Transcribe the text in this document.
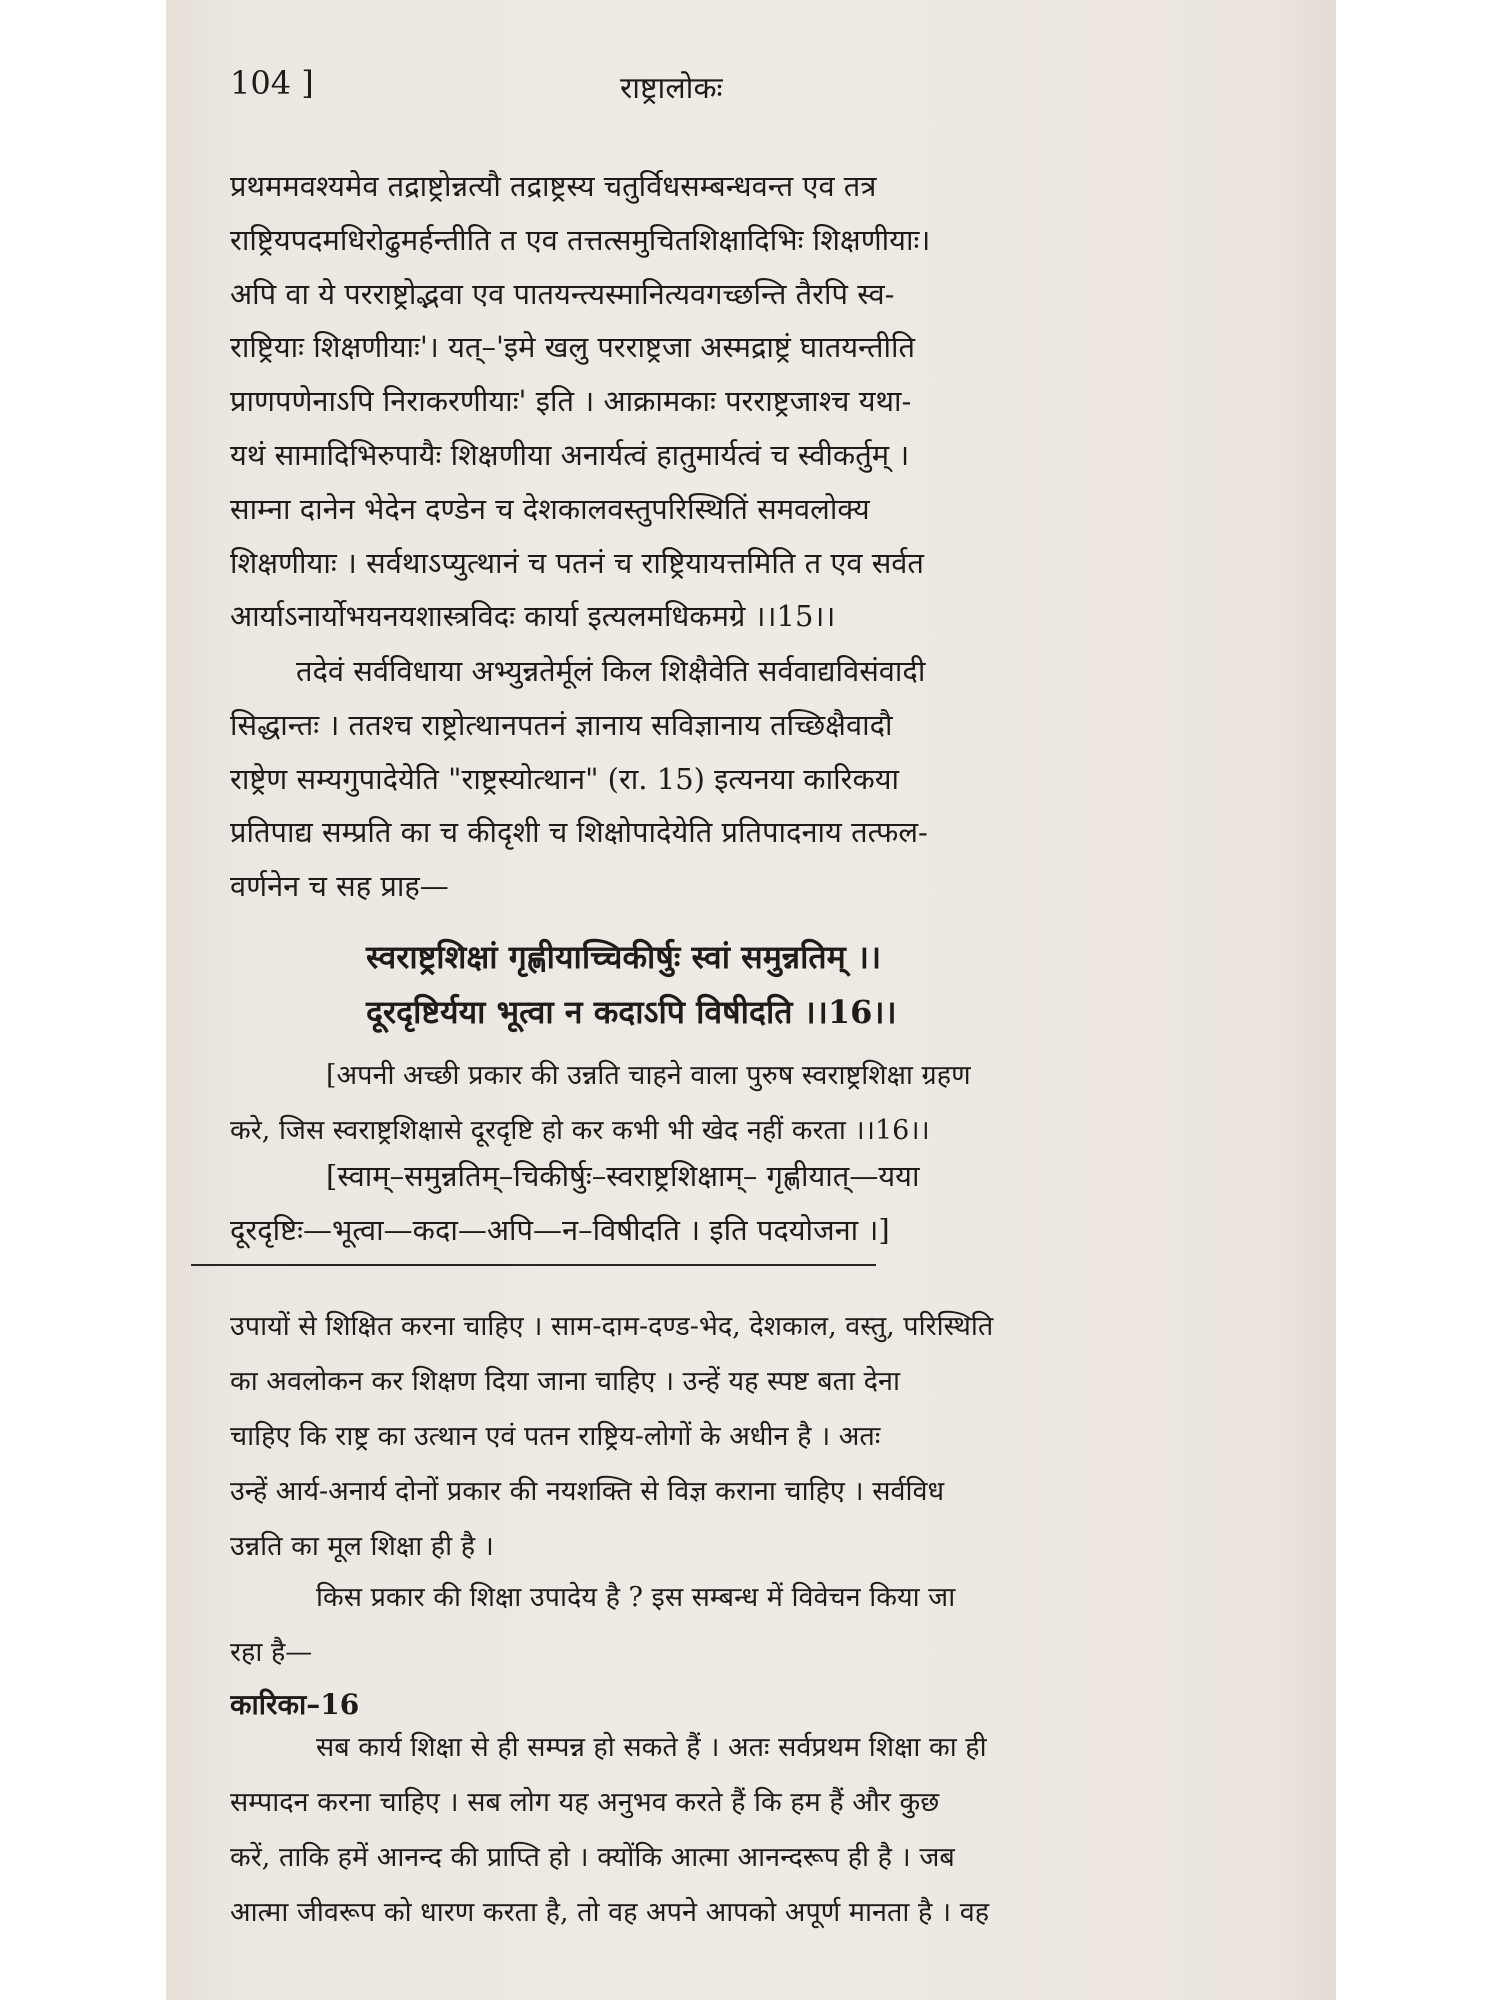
104 ]	राष्ट्रालोकः
प्रथममवश्यमेव तद्राष्ट्रोन्नत्यौ तद्राष्ट्रस्य चतुर्विधसम्बन्धवन्त एव तत्र
राष्ट्रियपदमधिरोढुमर्हन्तीति त एव तत्तत्समुचितशिक्षादिभिः शिक्षणीयाः।
अपि वा ये परराष्ट्रोद्भवा एव पातयन्त्यस्मानित्यवगच्छन्ति तैरपि स्व-
राष्ट्रियाः शिक्षणीयाः'। यत्–'इमे खलु परराष्ट्रजा अस्मद्राष्ट्रं घातयन्तीति
प्राणपणेनाऽपि निराकरणीयाः' इति । आक्रामकाः परराष्ट्रजाश्च यथा-
यथं सामादिभिरुपायैः शिक्षणीया अनार्यत्वं हातुमार्यत्वं च स्वीकर्तुम् ।
साम्ना दानेन भेदेन दण्डेन च देशकालवस्तुपरिस्थितिं समवलोक्य
शिक्षणीयाः । सर्वथाऽप्युत्थानं च पतनं च राष्ट्रियायत्तमिति त एव सर्वत
आर्याऽनार्योभयनयशास्त्रविदः कार्या इत्यलमधिकमग्रे ।।15।।
तदेवं सर्वविधाया अभ्युन्नतेर्मूलं किल शिक्षैवेति सर्ववाद्यविसंवादी
सिद्धान्तः । ततश्च राष्ट्रोत्थानपतनं ज्ञानाय सविज्ञानाय तच्छिक्षैवादौ
राष्ट्रेण सम्यगुपादेयेति "राष्ट्रस्योत्थान" (रा. 15) इत्यनया कारिकया
प्रतिपाद्य सम्प्रति का च कीदृशी च शिक्षोपादेयेति प्रतिपादनाय तत्फल-
वर्णनेन च सह प्राह—
स्वराष्ट्रशिक्षां गृह्णीयाच्चिकीर्षुः स्वां समुन्नतिम् ।।
दूरदृष्टिर्यया भूत्वा न कदाऽपि विषीदति ।।16।।
[अपनी अच्छी प्रकार की उन्नति चाहने वाला पुरुष स्वराष्ट्रशिक्षा ग्रहण
करे, जिस स्वराष्ट्रशिक्षासे दूरदृष्टि हो कर कभी भी खेद नहीं करता ।।16।।
[स्वाम्–समुन्नतिम्–चिकीर्षुः–स्वराष्ट्रशिक्षाम्– गृह्णीयात्—यया
दूरदृष्टिः—भूत्वा—कदा—अपि—न–विषीदति । इति पदयोजना ।]
उपायों से शिक्षित करना चाहिए । साम-दाम-दण्ड-भेद, देशकाल, वस्तु, परिस्थिति
का अवलोकन कर शिक्षण दिया जाना चाहिए । उन्हें यह स्पष्ट बता देना
चाहिए कि राष्ट्र का उत्थान एवं पतन राष्ट्रिय-लोगों के अधीन है । अतः
उन्हें आर्य-अनार्य दोनों प्रकार की नयशक्ति से विज्ञ कराना चाहिए । सर्वविध
उन्नति का मूल शिक्षा ही है ।
किस प्रकार की शिक्षा उपादेय है ? इस सम्बन्ध में विवेचन किया जा
रहा है—
कारिका–16
सब कार्य शिक्षा से ही सम्पन्न हो सकते हैं । अतः सर्वप्रथम शिक्षा का ही
सम्पादन करना चाहिए । सब लोग यह अनुभव करते हैं कि हम हैं और कुछ
करें, ताकि हमें आनन्द की प्राप्ति हो । क्योंकि आत्मा आनन्दरूप ही है । जब
आत्मा जीवरूप को धारण करता है, तो वह अपने आपको अपूर्ण मानता है । वह
